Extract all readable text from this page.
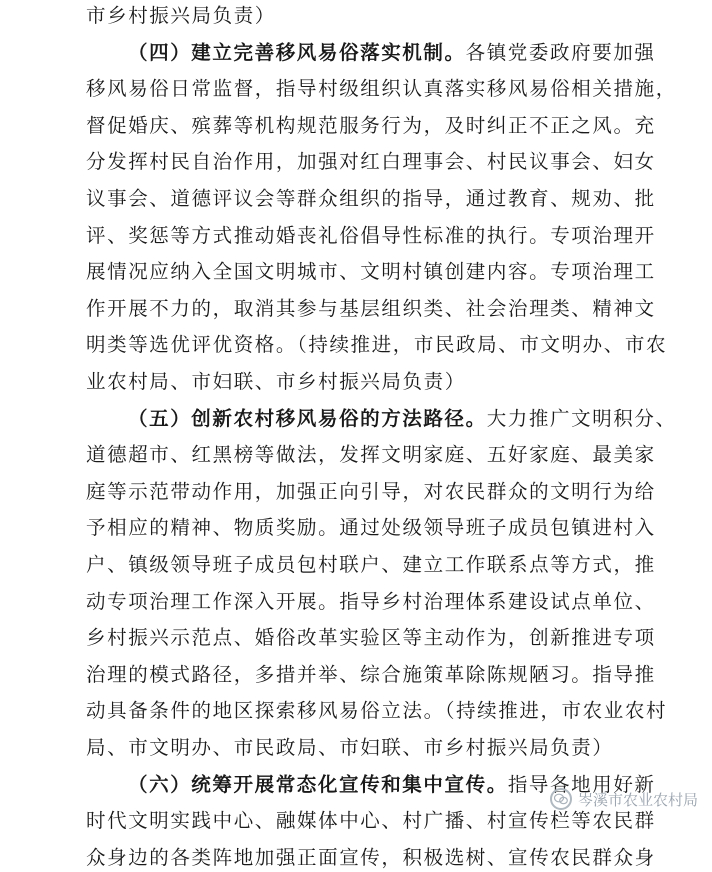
市乡村振兴局负责）
（四）建立完善移风易俗落实机制。各镇党委政府要加强
移风易俗日常监督，指导村级组织认真落实移风易俗相关措施，
督促婚庆、殡葬等机构规范服务行为，及时纠正不正之风。充
分发挥村民自治作用，加强对红白理事会、村民议事会、妇女
议事会、道德评议会等群众组织的指导，通过教育、规劝、批
评、奖惩等方式推动婚丧礼俗倡导性标准的执行。专项治理开
展情况应纳入全国文明城市、文明村镇创建内容。专项治理工
作开展不力的，取消其参与基层组织类、社会治理类、精神文
明类等选优评优资格。（持续推进，市民政局、市文明办、市农
业农村局、市妇联、市乡村振兴局负责）
（五）创新农村移风易俗的方法路径。大力推广文明积分、
道德超市、红黑榜等做法，发挥文明家庭、五好家庭、最美家
庭等示范带动作用，加强正向引导，对农民群众的文明行为给
予相应的精神、物质奖励。通过处级领导班子成员包镇进村入
户、镇级领导班子成员包村联户、建立工作联系点等方式，推
动专项治理工作深入开展。指导乡村治理体系建设试点单位、
乡村振兴示范点、婚俗改革实验区等主动作为，创新推进专项
治理的模式路径，多措并举、综合施策革除陈规陋习。指导推
动具备条件的地区探索移风易俗立法。（持续推进，市农业农村
局、市文明办、市民政局、市妇联、市乡村振兴局负责）
（六）统筹开展常态化宣传和集中宣传。指导各地用好新
时代文明实践中心、融媒体中心、村广播、村宣传栏等农民群
众身边的各类阵地加强正面宣传，积极选树、宣传农民群众身
岑溪市农业农村局
